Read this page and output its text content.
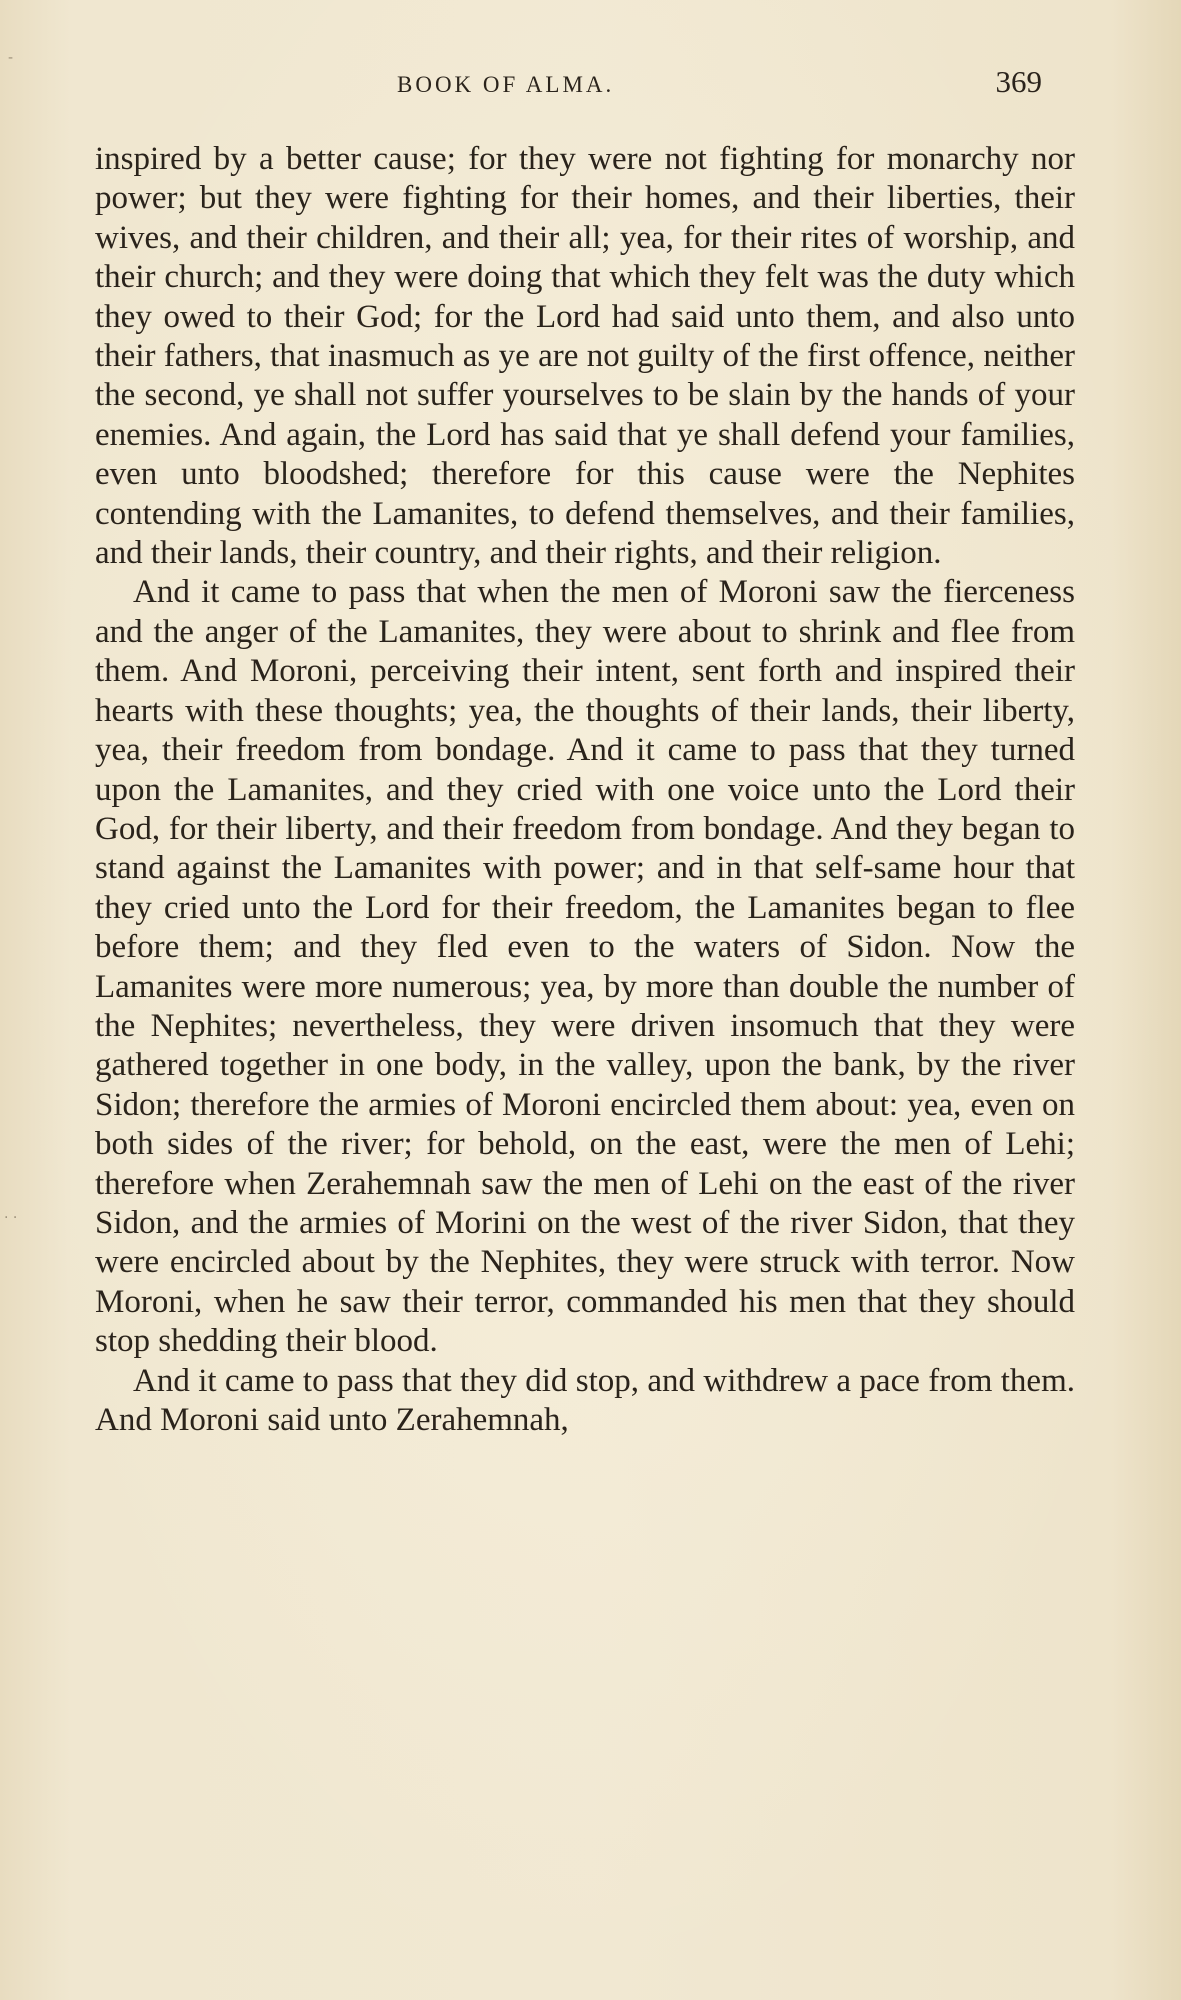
BOOK OF ALMA.	369

inspired by a better cause; for they were not fighting for monarchy nor power; but they were fighting for their homes, and their liberties, their wives, and their children, and their all; yea, for their rites of worship, and their church; and they were doing that which they felt was the duty which they owed to their God; for the Lord had said unto them, and also unto their fathers, that inasmuch as ye are not guilty of the first offence, neither the second, ye shall not suffer yourselves to be slain by the hands of your enemies. And again, the Lord has said that ye shall defend your families, even unto bloodshed; therefore for this cause were the Nephites contending with the Lamanites, to defend themselves, and their families, and their lands, their country, and their rights, and their religion.

And it came to pass that when the men of Moroni saw the fierceness and the anger of the Lamanites, they were about to shrink and flee from them. And Moroni, perceiving their intent, sent forth and inspired their hearts with these thoughts; yea, the thoughts of their lands, their liberty, yea, their freedom from bondage. And it came to pass that they turned upon the Lamanites, and they cried with one voice unto the Lord their God, for their liberty, and their freedom from bondage. And they began to stand against the Lamanites with power; and in that self-same hour that they cried unto the Lord for their freedom, the Lamanites began to flee before them; and they fled even to the waters of Sidon. Now the Lamanites were more numerous; yea, by more than double the number of the Nephites; nevertheless, they were driven insomuch that they were gathered together in one body, in the valley, upon the bank, by the river Sidon; therefore the armies of Moroni encircled them about: yea, even on both sides of the river; for behold, on the east, were the men of Lehi; therefore when Zerahemnah saw the men of Lehi on the east of the river Sidon, and the armies of Morini on the west of the river Sidon, that they were encircled about by the Nephites, they were struck with terror. Now Moroni, when he saw their terror, commanded his men that they should stop shedding their blood.

And it came to pass that they did stop, and withdrew a pace from them. And Moroni said unto Zerahemnah,

· ·
-
